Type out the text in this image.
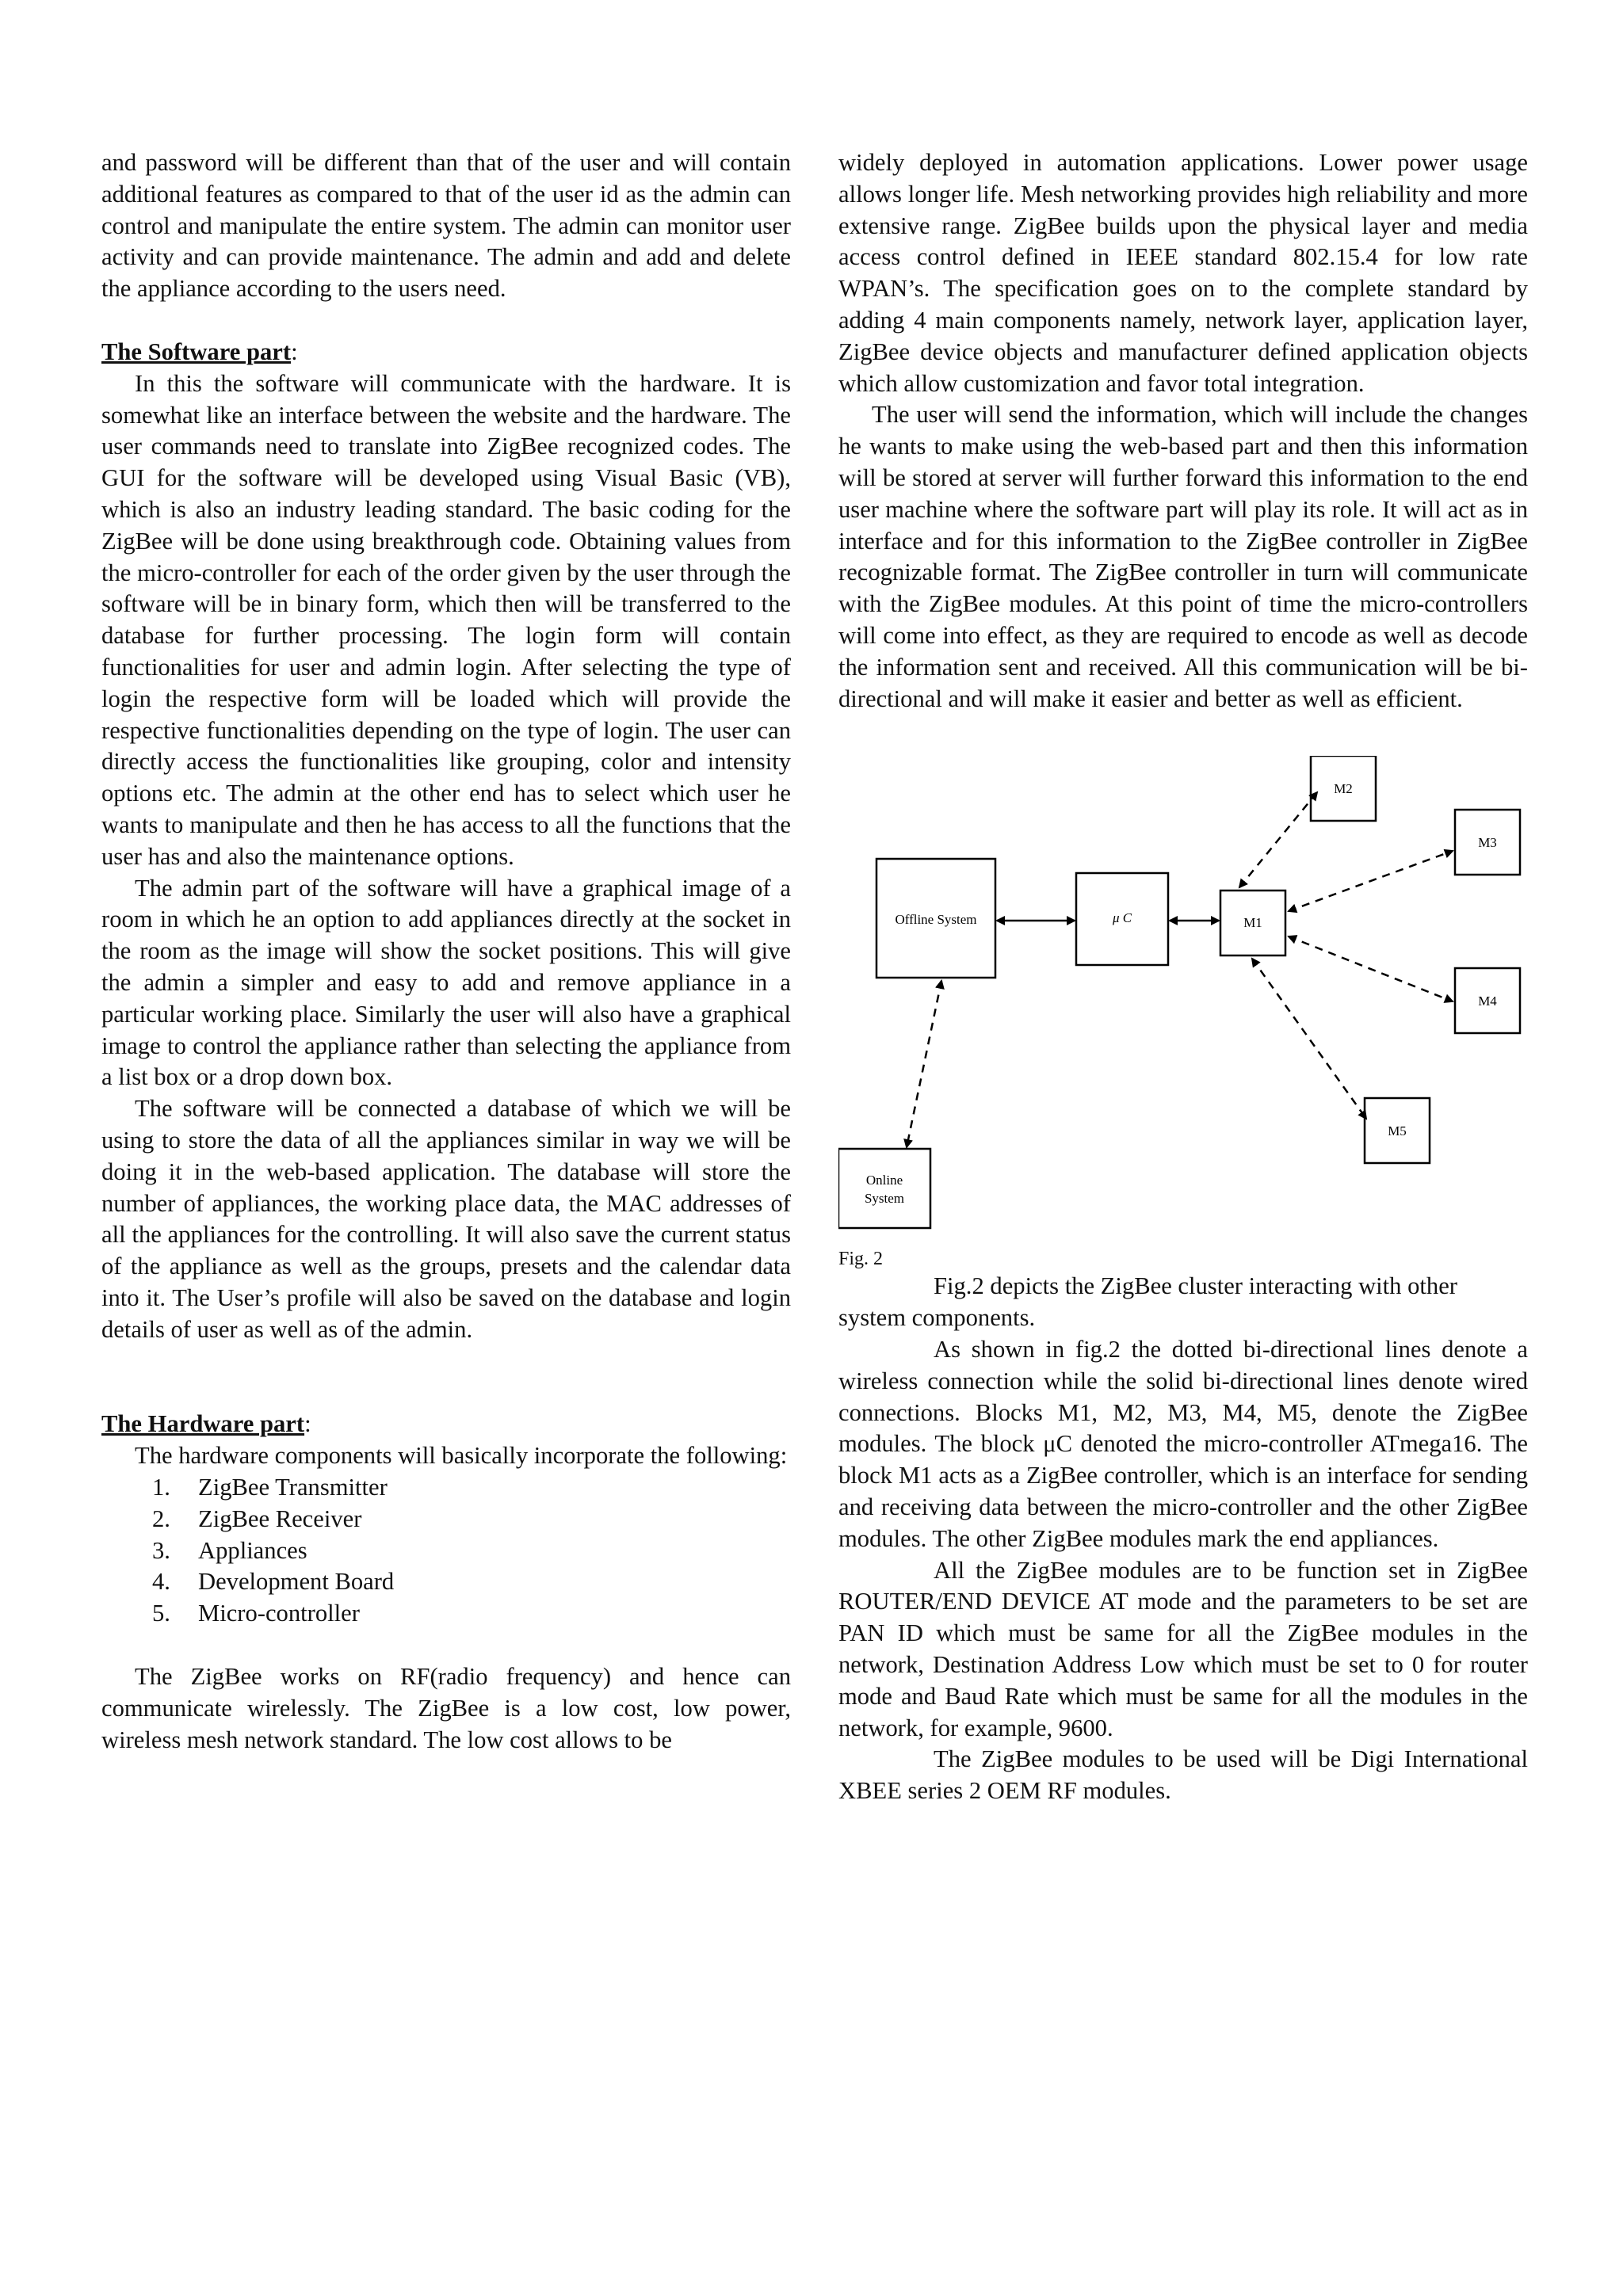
and password will be different than that of the user and will contain additional features as compared to that of the user id as the admin can control and manipulate the entire system. The admin can monitor user activity and can provide maintenance. The admin and add and delete the appliance according to the users need.

The Software part:

In this the software will communicate with the hardware. It is somewhat like an interface between the website and the hardware. The user commands need to translate into ZigBee recognized codes. The GUI for the software will be developed using Visual Basic (VB), which is also an industry leading standard. The basic coding for the ZigBee will be done using breakthrough code. Obtaining values from the micro-controller for each of the order given by the user through the software will be in binary form, which then will be transferred to the database for further processing. The login form will contain functionalities for user and admin login. After selecting the type of login the respective form will be loaded which will provide the respective functionalities depending on the type of login. The user can directly access the functionalities like grouping, color and intensity options etc. The admin at the other end has to select which user he wants to manipulate and then he has access to all the functions that the user has and also the maintenance options.

The admin part of the software will have a graphical image of a room in which he an option to add appliances directly at the socket in the room as the image will show the socket positions. This will give the admin a simpler and easy to add and remove appliance in a particular working place. Similarly the user will also have a graphical image to control the appliance rather than selecting the appliance from a list box or a drop down box.

The software will be connected a database of which we will be using to store the data of all the appliances similar in way we will be doing it in the web-based application. The database will store the number of appliances, the working place data, the MAC addresses of all the appliances for the controlling. It will also save the current status of the appliance as well as the groups, presets and the calendar data into it. The User’s profile will also be saved on the database and login details of user as well as of the admin.

The Hardware part:

The hardware components will basically incorporate the following:

1.	ZigBee Transmitter
2.	ZigBee Receiver
3.	Appliances
4.	Development Board
5.	Micro-controller

The ZigBee works on RF(radio frequency) and hence can communicate wirelessly. The ZigBee is a low cost, low power, wireless mesh network standard. The low cost allows to be

widely deployed in automation applications. Lower power usage allows longer life. Mesh networking provides high reliability and more extensive range. ZigBee builds upon the physical layer and media access control defined in IEEE standard 802.15.4 for low rate WPAN’s. The specification goes on to the complete standard by adding 4 main components namely, network layer, application layer, ZigBee device objects and manufacturer defined application objects which allow customization and favor total integration.

The user will send the information, which will include the changes he wants to make using the web-based part and then this information will be stored at server will further forward this information to the end user machine where the software part will play its role. It will act as in interface and for this information to the ZigBee controller in ZigBee recognizable format. The ZigBee controller in turn will communicate with the ZigBee modules. At this point of time the micro-controllers will come into effect, as they are required to encode as well as decode the information sent and received. All this communication will be bi-directional and will make it easier and better as well as efficient.

Offline System	μ C	M1
M2
M3
M4
M5
Online
System

Fig. 2

Fig.2 depicts the ZigBee cluster interacting with other system components.

As shown in fig.2 the dotted bi-directional lines denote a wireless connection while the solid bi-directional lines denote wired connections. Blocks M1, M2, M3, M4, M5, denote the ZigBee modules. The block μC denoted the micro-controller ATmega16. The block M1 acts as a ZigBee controller, which is an interface for sending and receiving data between the micro-controller and the other ZigBee modules. The other ZigBee modules mark the end appliances.

All the ZigBee modules are to be function set in ZigBee ROUTER/END DEVICE AT mode and the parameters to be set are PAN ID which must be same for all the ZigBee modules in the network, Destination Address Low which must be set to 0 for router mode and Baud Rate which must be same for all the modules in the network, for example, 9600.

The ZigBee modules to be used will be Digi International XBEE series 2 OEM RF modules.
